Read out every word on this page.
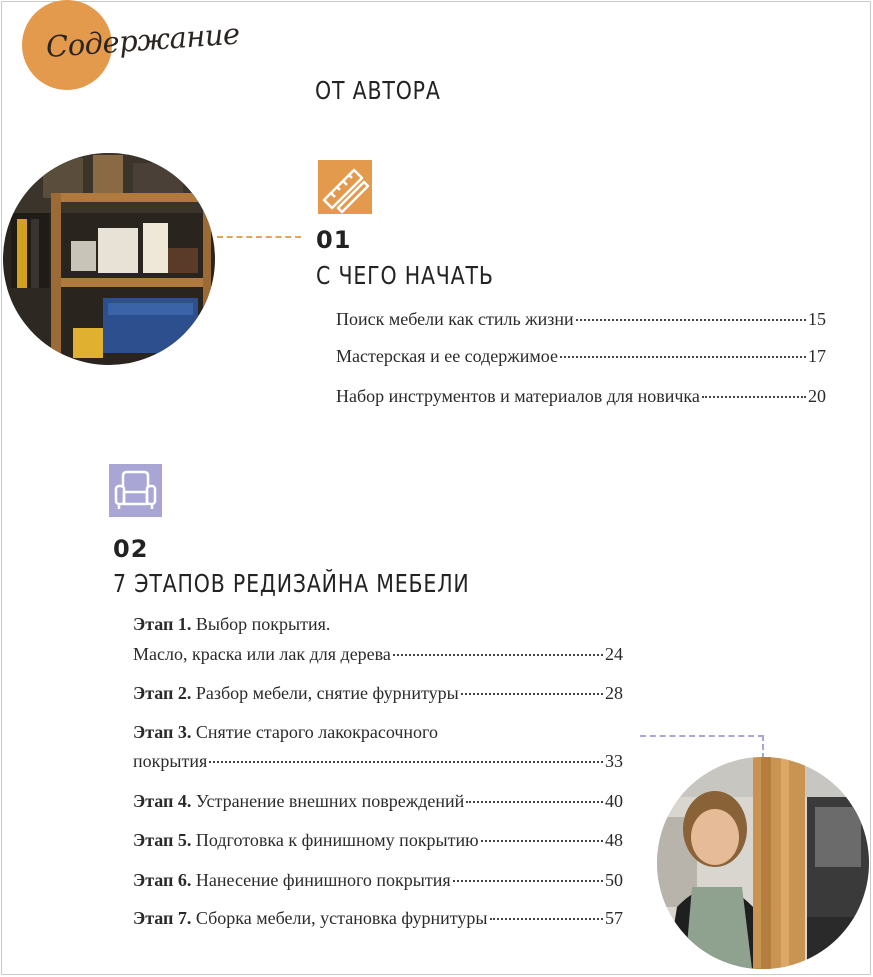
Содержание
ОТ АВТОРА
01
С ЧЕГО НАЧАТЬ
Поиск мебели как стиль жизни	15
Мастерская и ее содержимое	17
Набор инструментов и материалов для новичка	20
02
7 ЭТАПОВ РЕДИЗАЙНА МЕБЕЛИ
Этап 1. Выбор покрытия.
Масло, краска или лак для дерева	24
Этап 2. Разбор мебели, снятие фурнитуры	28
Этап 3. Снятие старого лакокрасочного
покрытия	33
Этап 4. Устранение внешних повреждений	40
Этап 5. Подготовка к финишному покрытию	48
Этап 6. Нанесение финишного покрытия	50
Этап 7. Сборка мебели, установка фурнитуры	57
